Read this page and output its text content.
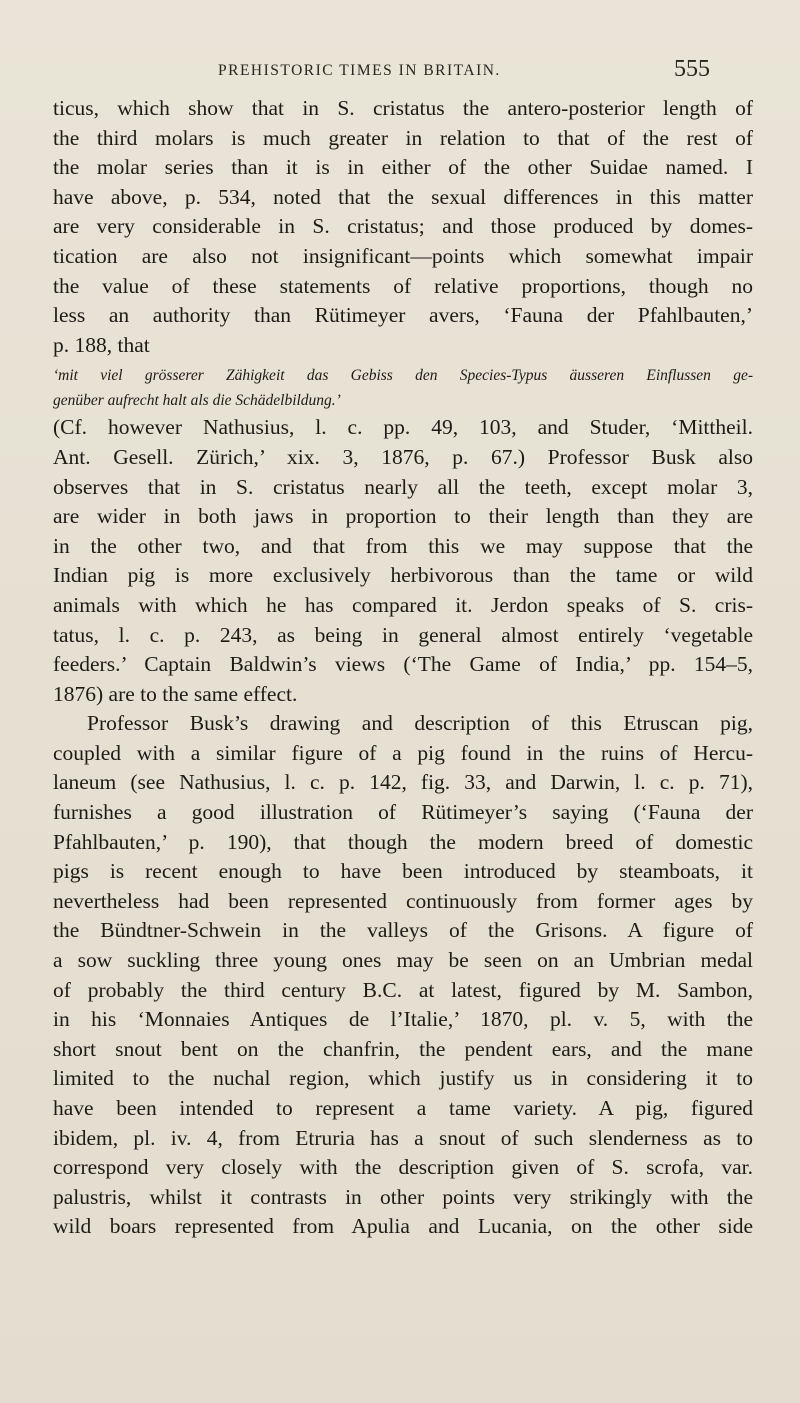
PREHISTORIC TIMES IN BRITAIN.	555
ticus, which show that in S. cristatus the antero-posterior length of
the third molars is much greater in relation to that of the rest of
the molar series than it is in either of the other Suidae named. I
have above, p. 534, noted that the sexual differences in this matter
are very considerable in S. cristatus; and those produced by domes-
tication are also not insignificant—points which somewhat impair
the value of these statements of relative proportions, though no
less an authority than Rütimeyer avers, ‘Fauna der Pfahlbauten,’
p. 188, that
‘mit viel grösserer Zähigkeit das Gebiss den Species-Typus äusseren Einflussen ge-
genüber aufrecht halt als die Schädelbildung.’
(Cf. however Nathusius, l. c. pp. 49, 103, and Studer, ‘Mittheil.
Ant. Gesell. Zürich,’ xix. 3, 1876, p. 67.) Professor Busk also
observes that in S. cristatus nearly all the teeth, except molar 3,
are wider in both jaws in proportion to their length than they are
in the other two, and that from this we may suppose that the
Indian pig is more exclusively herbivorous than the tame or wild
animals with which he has compared it. Jerdon speaks of S. cris-
tatus, l. c. p. 243, as being in general almost entirely ‘vegetable
feeders.’ Captain Baldwin’s views (‘The Game of India,’ pp. 154–5,
1876) are to the same effect.
Professor Busk’s drawing and description of this Etruscan pig,
coupled with a similar figure of a pig found in the ruins of Hercu-
laneum (see Nathusius, l. c. p. 142, fig. 33, and Darwin, l. c. p. 71),
furnishes a good illustration of Rütimeyer’s saying (‘Fauna der
Pfahlbauten,’ p. 190), that though the modern breed of domestic
pigs is recent enough to have been introduced by steamboats, it
nevertheless had been represented continuously from former ages by
the Bündtner-Schwein in the valleys of the Grisons. A figure of
a sow suckling three young ones may be seen on an Umbrian medal
of probably the third century B.C. at latest, figured by M. Sambon,
in his ‘Monnaies Antiques de l’Italie,’ 1870, pl. v. 5, with the
short snout bent on the chanfrin, the pendent ears, and the mane
limited to the nuchal region, which justify us in considering it to
have been intended to represent a tame variety. A pig, figured
ibidem, pl. iv. 4, from Etruria has a snout of such slenderness as to
correspond very closely with the description given of S. scrofa, var.
palustris, whilst it contrasts in other points very strikingly with the
wild boars represented from Apulia and Lucania, on the other side
